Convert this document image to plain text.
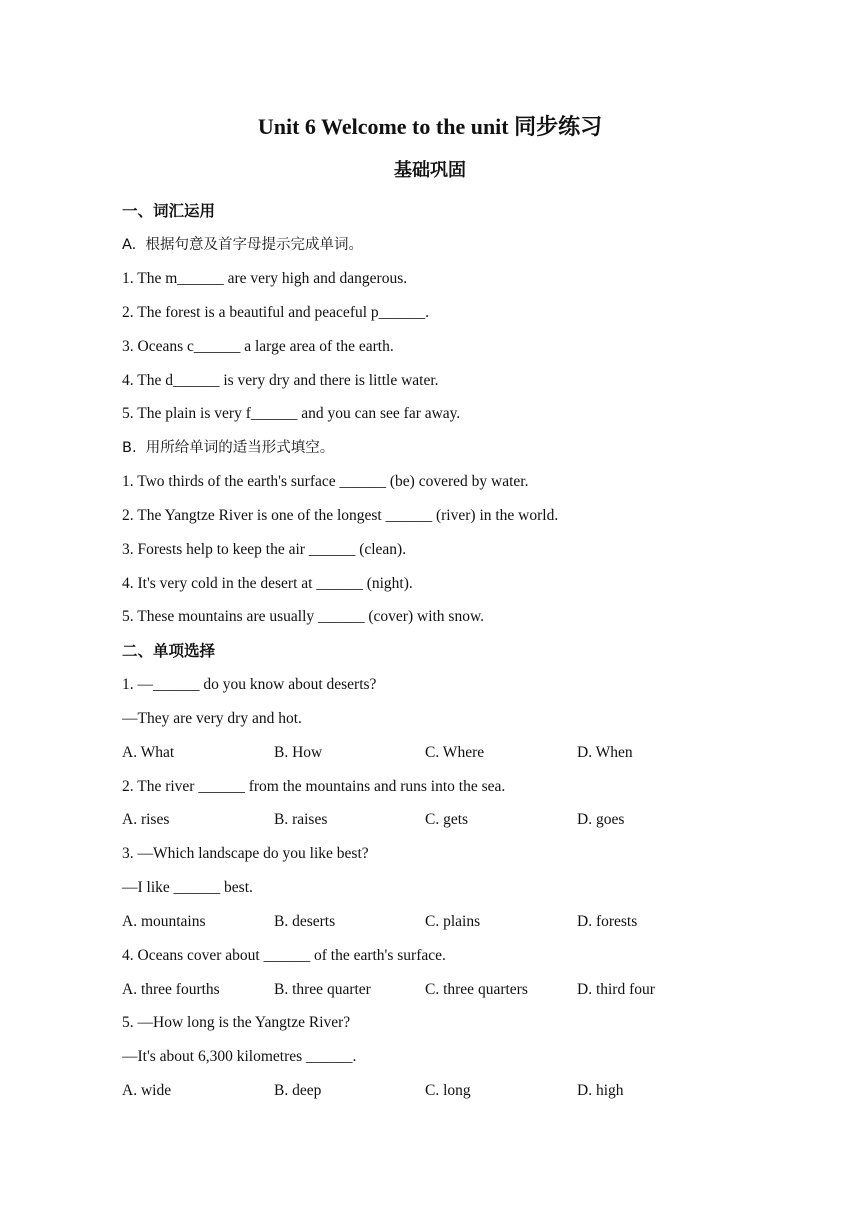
Unit 6 Welcome to the unit 同步练习
基础巩固
一、词汇运用
A.  根据句意及首字母提示完成单词。
1. The m______ are very high and dangerous.
2. The forest is a beautiful and peaceful p______.
3. Oceans c______ a large area of the earth.
4. The d______ is very dry and there is little water.
5. The plain is very f______ and you can see far away.
B.  用所给单词的适当形式填空。
1. Two thirds of the earth's surface ______ (be) covered by water.
2. The Yangtze River is one of the longest ______ (river) in the world.
3. Forests help to keep the air ______ (clean).
4. It's very cold in the desert at ______ (night).
5. These mountains are usually ______ (cover) with snow.
二、单项选择
1. —______ do you know about deserts?
—They are very dry and hot.
A. What	B. How	C. Where	D. When
2. The river ______ from the mountains and runs into the sea.
A. rises	B. raises	C. gets	D. goes
3. —Which landscape do you like best?
—I like ______ best.
A. mountains	B. deserts	C. plains	D. forests
4. Oceans cover about ______ of the earth's surface.
A. three fourths	B. three quarter	C. three quarters	D. third four
5. —How long is the Yangtze River?
—It's about 6,300 kilometres ______.
A. wide	B. deep	C. long	D. high
